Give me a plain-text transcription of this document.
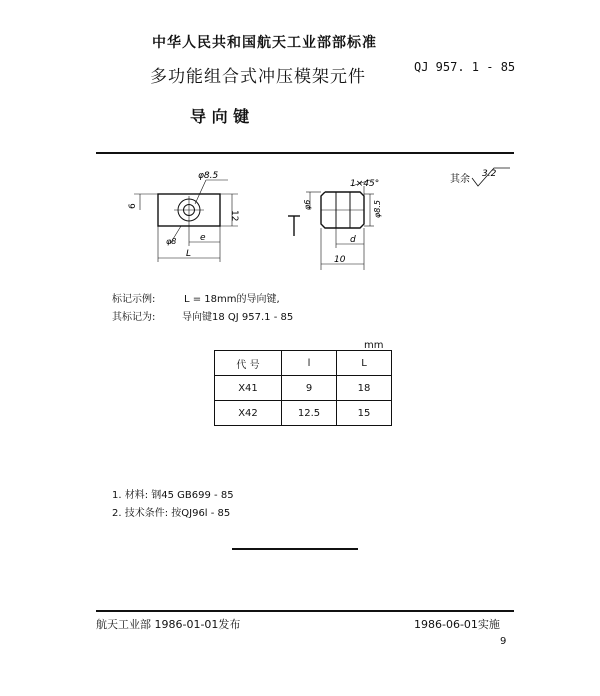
中华人民共和国航天工业部部标准
多功能组合式冲压模架元件	QJ 957. 1 - 85
导 向 键
φ8.5
6
12
φ8	e
L
1×45°
φ6	φ8.5
d
10
其余 3.2
标记示例:	L = 18mm的导向键,
其标记为:	导向键18 QJ 957.1 - 85
mm
代 号	l	L
X41	9	18
X42	12.5	15
1. 材料: 钢45 GB699 - 85
2. 技术条件: 按QJ96l - 85
航天工业部 1986-01-01发布	1986-06-01实施
9
